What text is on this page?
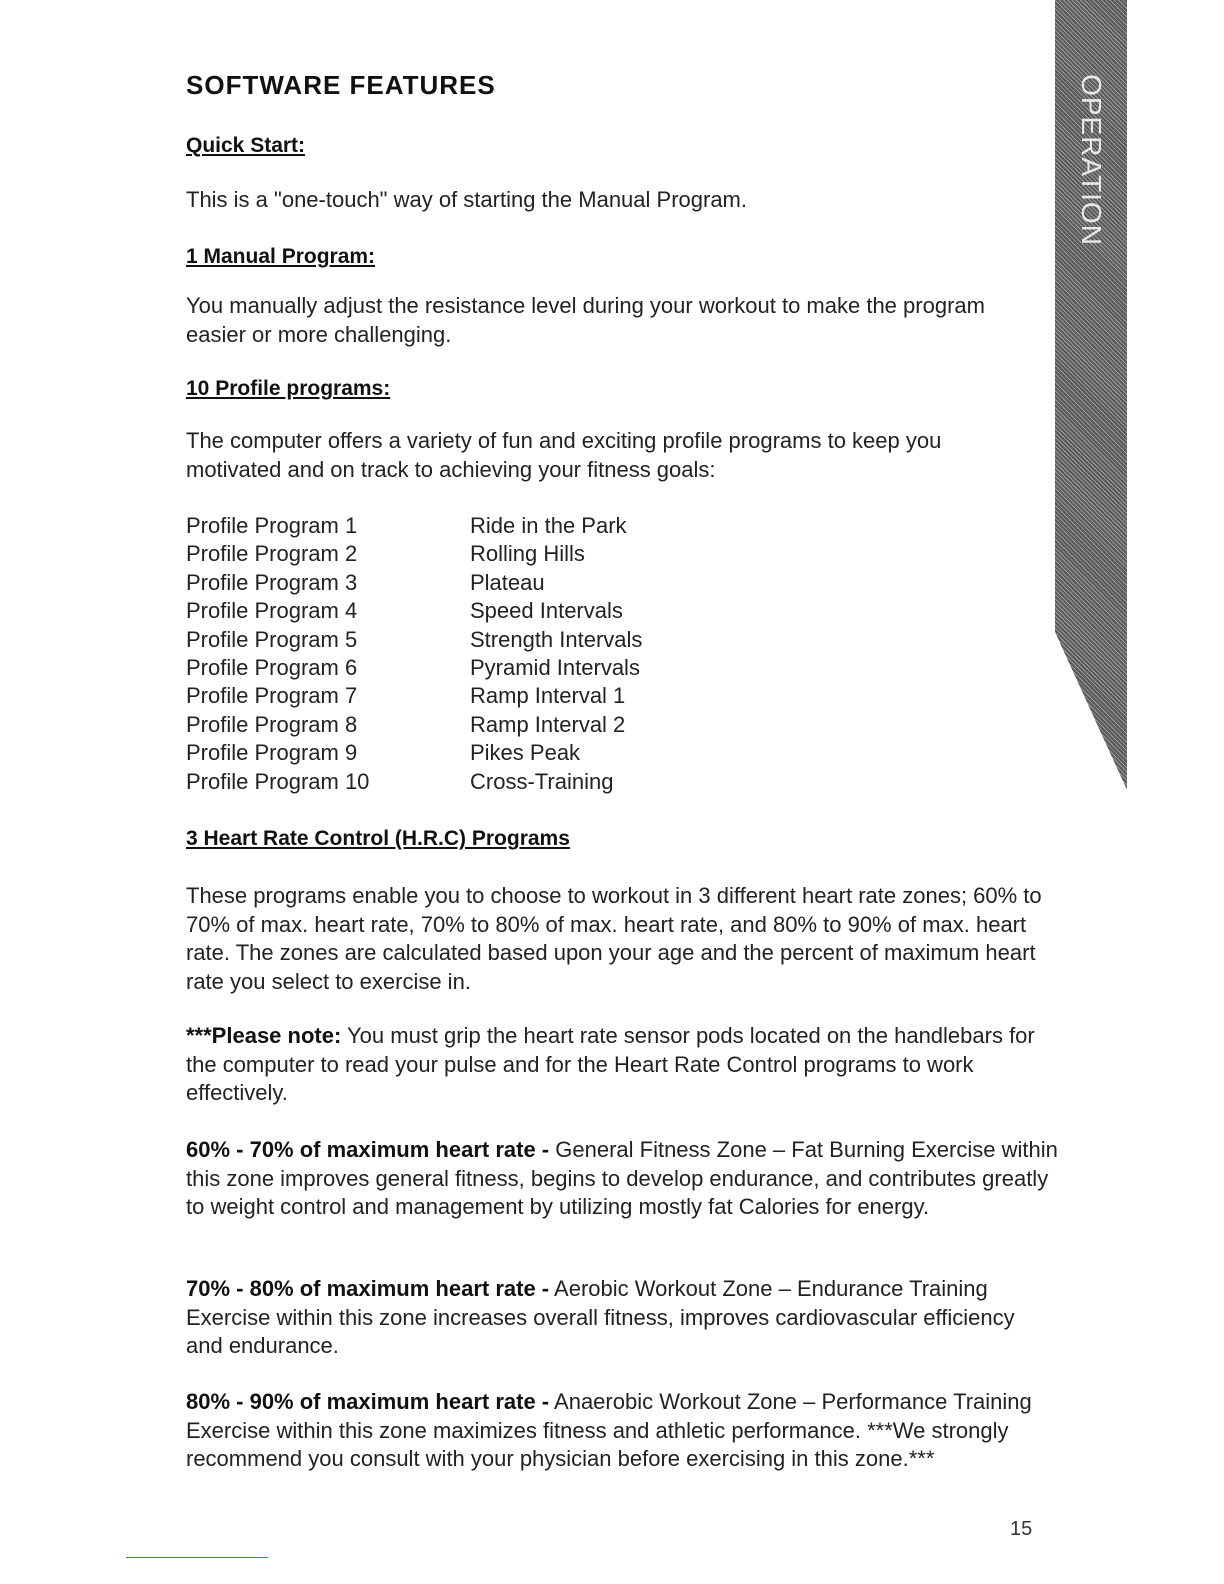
OPERATION
SOFTWARE FEATURES
Quick Start:

This is a "one-touch" way of starting the Manual Program.

1 Manual Program:

You manually adjust the resistance level during your workout to make the program easier or more challenging.

10 Profile programs:

The computer offers a variety of fun and exciting profile programs to keep you motivated and on track to achieving your fitness goals:

Profile Program 1	Ride in the Park
Profile Program 2	Rolling Hills
Profile Program 3	Plateau
Profile Program 4	Speed Intervals
Profile Program 5	Strength Intervals
Profile Program 6	Pyramid Intervals
Profile Program 7	Ramp Interval 1
Profile Program 8	Ramp Interval 2
Profile Program 9	Pikes Peak
Profile Program 10	Cross-Training
3 Heart Rate Control (H.R.C) Programs

These programs enable you to choose to workout in 3 different heart rate zones; 60% to 70% of max. heart rate, 70% to 80% of max. heart rate, and 80% to 90% of max. heart rate. The zones are calculated based upon your age and the percent of maximum heart rate you select to exercise in.

***Please note: You must grip the heart rate sensor pods located on the handlebars for the computer to read your pulse and for the Heart Rate Control programs to work effectively.

60% - 70% of maximum heart rate - General Fitness Zone – Fat Burning Exercise within this zone improves general fitness, begins to develop endurance, and contributes greatly to weight control and management by utilizing mostly fat Calories for energy.

70% - 80% of maximum heart rate - Aerobic Workout Zone – Endurance Training Exercise within this zone increases overall fitness, improves cardiovascular efficiency and endurance.

80% - 90% of maximum heart rate - Anaerobic Workout Zone – Performance Training Exercise within this zone maximizes fitness and athletic performance. ***We strongly recommend you consult with your physician before exercising in this zone.***

15
